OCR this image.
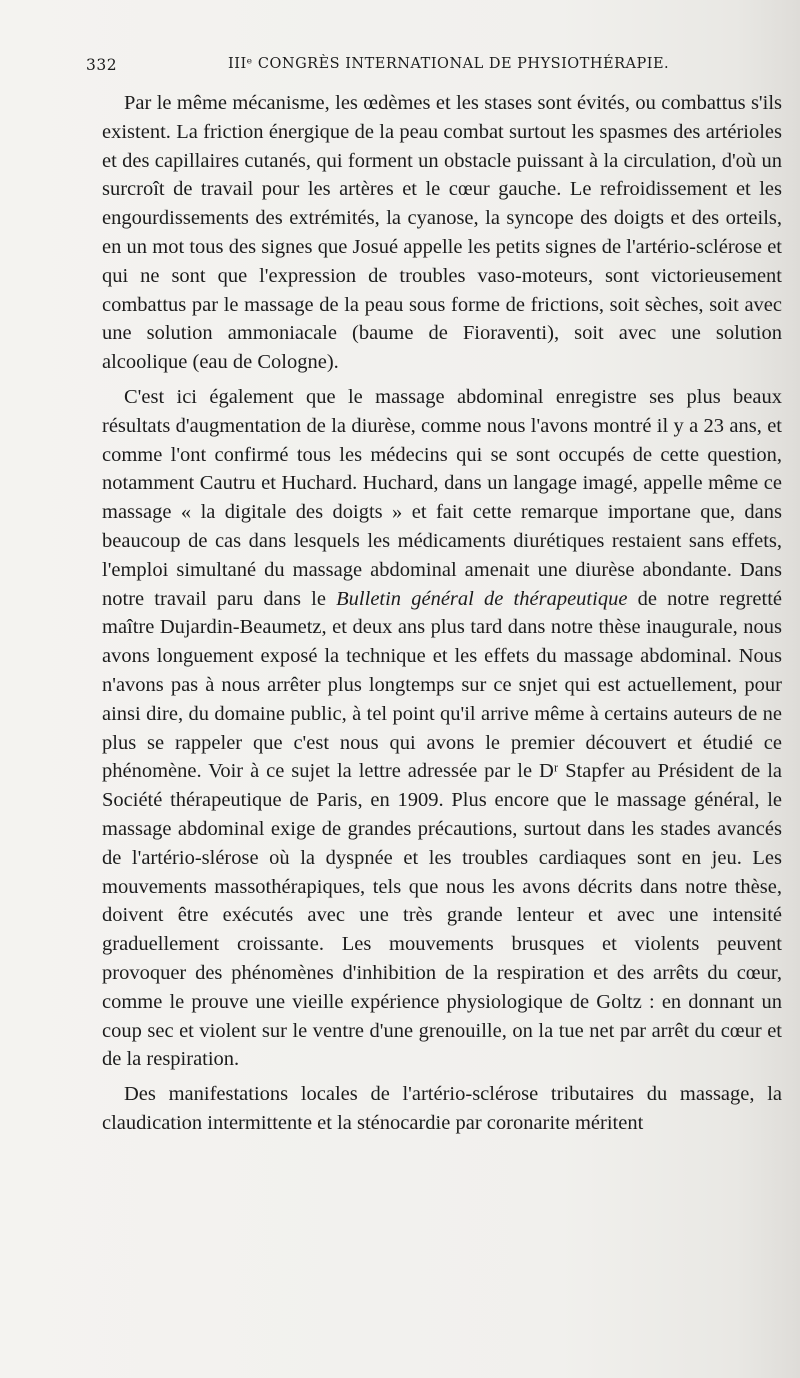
332	IIIᵉ CONGRÈS INTERNATIONAL DE PHYSIOTHÉRAPIE.

Par le même mécanisme, les œdèmes et les stases sont évités, ou combattus s'ils existent. La friction énergique de la peau combat surtout les spasmes des artérioles et des capillaires cutanés, qui forment un obstacle puissant à la circulation, d'où un surcroît de travail pour les artères et le cœur gauche. Le refroidissement et les engourdissements des extrémités, la cyanose, la syncope des doigts et des orteils, en un mot tous des signes que Josué appelle les petits signes de l'artério-sclérose et qui ne sont que l'expression de troubles vaso-moteurs, sont victorieusement combattus par le massage de la peau sous forme de frictions, soit sèches, soit avec une solution ammoniacale (baume de Fioraventi), soit avec une solution alcoolique (eau de Cologne).

C'est ici également que le massage abdominal enregistre ses plus beaux résultats d'augmentation de la diurèse, comme nous l'avons montré il y a 23 ans, et comme l'ont confirmé tous les médecins qui se sont occupés de cette question, notamment Cautru et Huchard. Huchard, dans un langage imagé, appelle même ce massage « la digitale des doigts » et fait cette remarque importane que, dans beaucoup de cas dans lesquels les médicaments diurétiques restaient sans effets, l'emploi simultané du massage abdominal amenait une diurèse abondante. Dans notre travail paru dans le Bulletin général de thérapeutique de notre regretté maître Dujardin-Beaumetz, et deux ans plus tard dans notre thèse inaugurale, nous avons longuement exposé la technique et les effets du massage abdominal. Nous n'avons pas à nous arrêter plus longtemps sur ce snjet qui est actuellement, pour ainsi dire, du domaine public, à tel point qu'il arrive même à certains auteurs de ne plus se rappeler que c'est nous qui avons le premier découvert et étudié ce phénomène. Voir à ce sujet la lettre adressée par le Dʳ Stapfer au Président de la Société thérapeutique de Paris, en 1909. Plus encore que le massage général, le massage abdominal exige de grandes précautions, surtout dans les stades avancés de l'artério-slérose où la dyspnée et les troubles cardiaques sont en jeu. Les mouvements massothérapiques, tels que nous les avons décrits dans notre thèse, doivent être exécutés avec une très grande lenteur et avec une intensité graduellement croissante. Les mouvements brusques et violents peuvent provoquer des phénomènes d'inhibition de la respiration et des arrêts du cœur, comme le prouve une vieille expérience physiologique de Goltz : en donnant un coup sec et violent sur le ventre d'une grenouille, on la tue net par arrêt du cœur et de la respiration.

Des manifestations locales de l'artério-sclérose tributaires du massage, la claudication intermittente et la sténocardie par coronarite méritent
